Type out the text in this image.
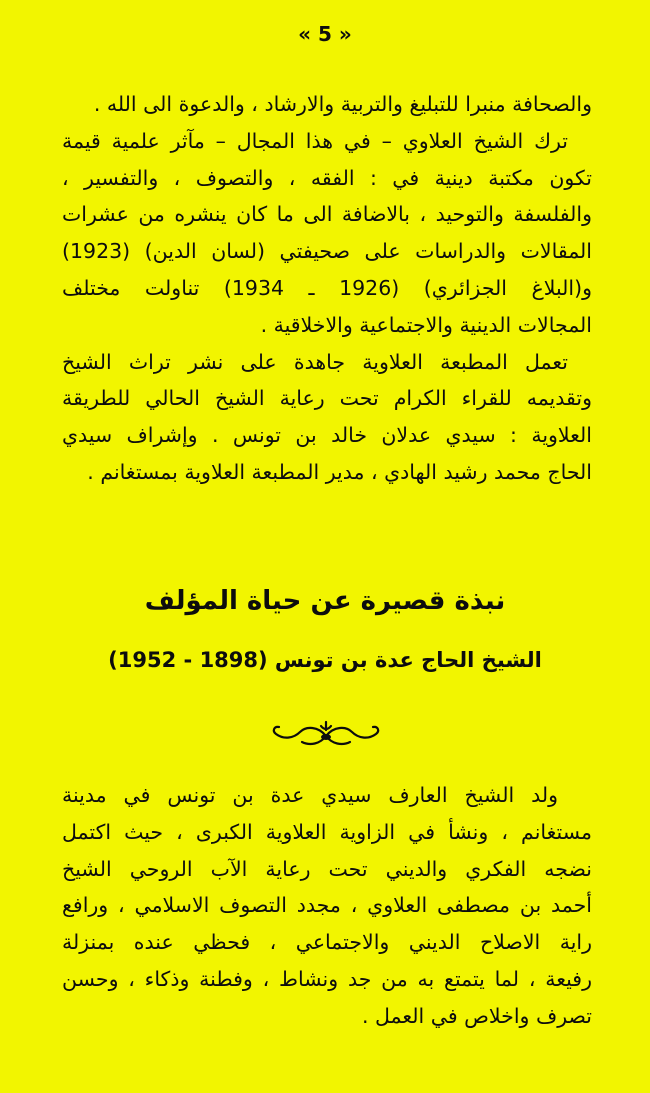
« 5 »
والصحافة منبرا للتبليغ والتربية والارشاد ، والدعوة الى الله .
ترك الشيخ العلاوي – في هذا المجال – مآثر علمية قيمة
تكون مكتبة دينية في : الفقه ، والتصوف ، والتفسير ،
والفلسفة والتوحيد ، بالاضافة الى ما كان ينشره من عشرات
المقالات والدراسات على صحيفتي (لسان الدين) (1923)
و(البلاغ الجزائري) (1926 ـ 1934) تناولت مختلف
المجالات الدينية والاجتماعية والاخلاقية .
تعمل المطبعة العلاوية جاهدة على نشر تراث الشيخ
وتقديمه للقراء الكرام تحت رعاية الشيخ الحالي للطريقة
العلاوية : سيدي عدلان خالد بن تونس . وإشراف سيدي
الحاج محمد رشيد الهادي ، مدير المطبعة العلاوية بمستغانم .
نبذة قصيرة عن حياة المؤلف
الشيخ الحاج عدة بن تونس (1898 - 1952)
ولد الشيخ العارف سيدي عدة بن تونس في مدينة
مستغانم ، ونشأ في الزاوية العلاوية الكبرى ، حيث اكتمل
نضجه الفكري والديني تحت رعاية الآب الروحي الشيخ
أحمد بن مصطفى العلاوي ، مجدد التصوف الاسلامي ، ورافع
راية الاصلاح الديني والاجتماعي ، فحظي عنده بمنزلة
رفيعة ، لما يتمتع به من جد ونشاط ، وفطنة وذكاء ، وحسن
تصرف واخلاص في العمل .
